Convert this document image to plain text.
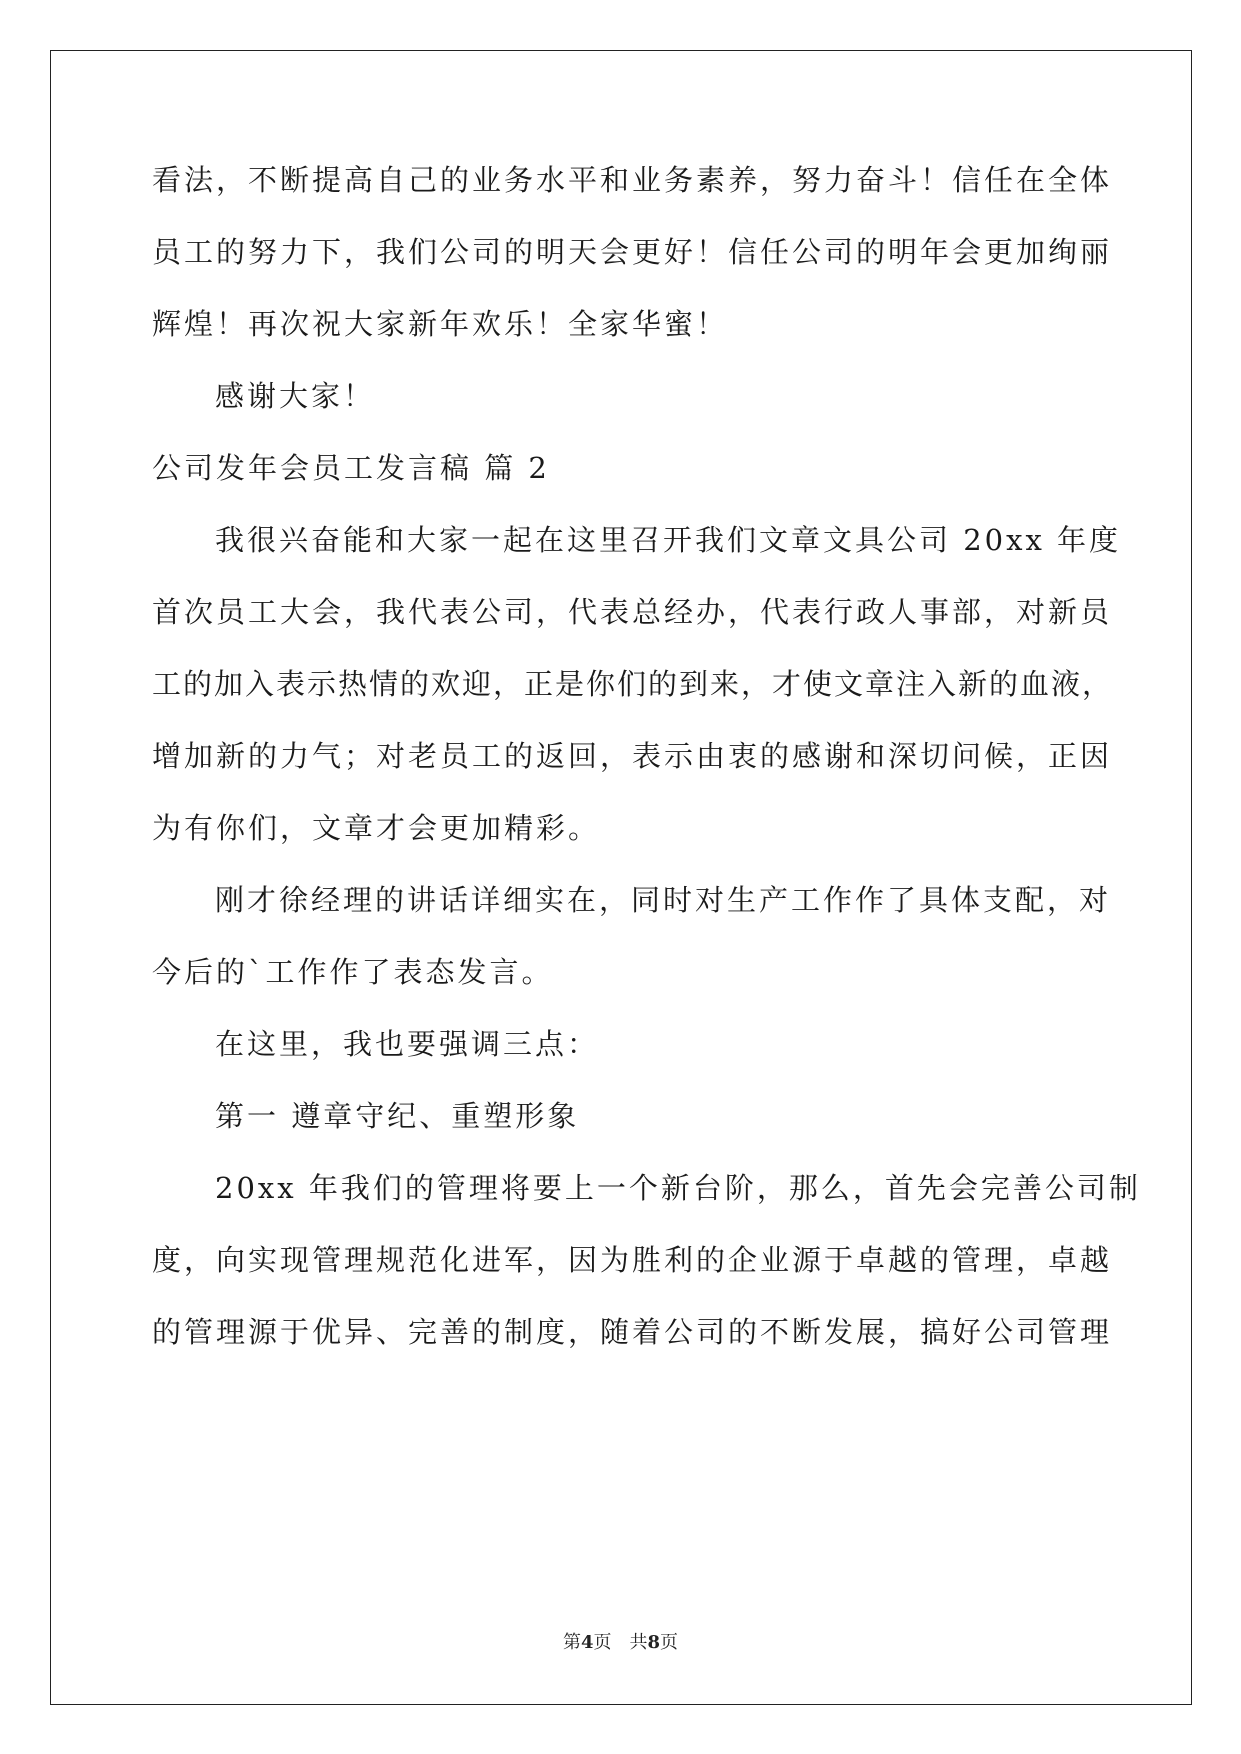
看法，不断提高自己的业务水平和业务素养，努力奋斗！信任在全体
员工的努力下，我们公司的明天会更好！信任公司的明年会更加绚丽
辉煌！再次祝大家新年欢乐！全家华蜜！
感谢大家！
公司发年会员工发言稿 篇 2
我很兴奋能和大家一起在这里召开我们文章文具公司 20xx 年度
首次员工大会，我代表公司，代表总经办，代表行政人事部，对新员
工的加入表示热情的欢迎，正是你们的到来，才使文章注入新的血液，
增加新的力气；对老员工的返回，表示由衷的感谢和深切问候，正因
为有你们，文章才会更加精彩。
刚才徐经理的讲话详细实在，同时对生产工作作了具体支配，对
今后的`工作作了表态发言。
在这里，我也要强调三点：
第一 遵章守纪、重塑形象
20xx 年我们的管理将要上一个新台阶，那么，首先会完善公司制
度，向实现管理规范化进军，因为胜利的企业源于卓越的管理，卓越
的管理源于优异、完善的制度，随着公司的不断发展，搞好公司管理
第4页　共8页
